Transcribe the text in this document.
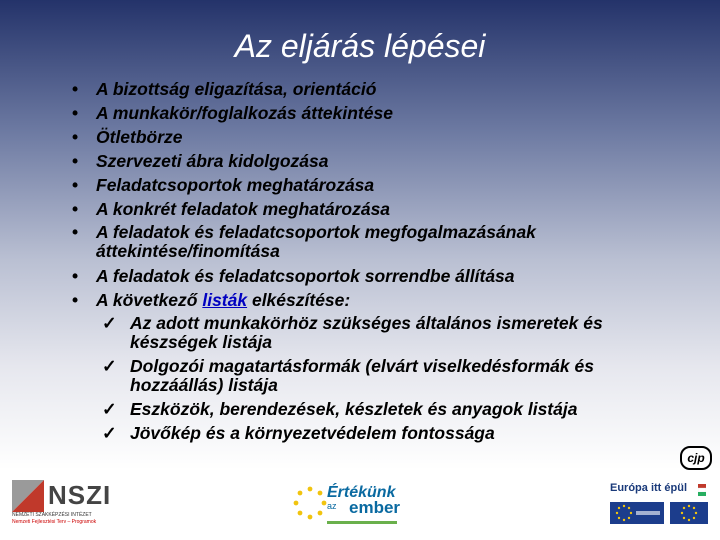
Az eljárás lépései
• A bizottság eligazítása, orientáció
• A munkakör/foglalkozás áttekintése
• Ötletbörze
• Szervezeti ábra kidolgozása
• Feladatcsoportok meghatározása
• A konkrét feladatok meghatározása
• A feladatok és feladatcsoportok megfogalmazásának áttekintése/finomítása
• A feladatok és feladatcsoportok sorrendbe állítása
• A következő listák elkészítése:
✓ Az adott munkakörhöz szükséges általános ismeretek és készségek listája
✓ Dolgozói magatartásformák (elvárt viselkedésformák és hozzáállás) listája
✓ Eszközök, berendezések, készletek és anyagok listája
✓ Jövőkép és a környezetvédelem fontossága
cjp
NSZI
NEMZETI SZAKKÉPZÉSI INTÉZET
Nemzeti Fejlesztési Terv – Programok
Értékünk
az ember
Európa itt épül
